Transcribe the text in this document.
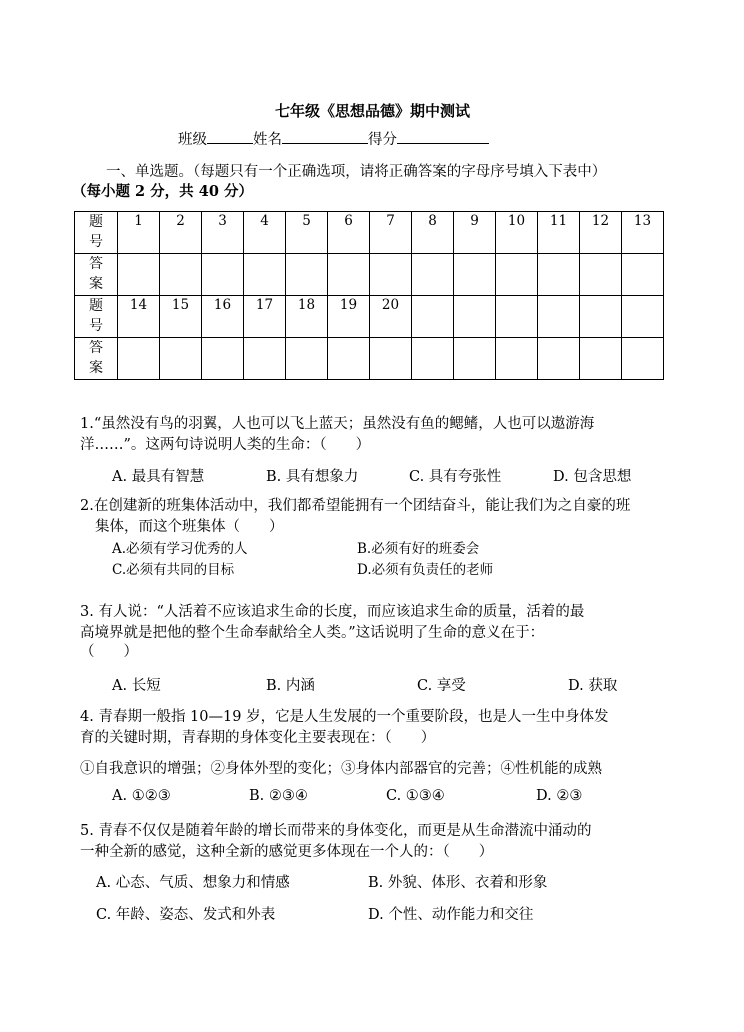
七年级《思想品德》期中测试
班级	姓名	得分
一、单选题。（每题只有一个正确选项，请将正确答案的字母序号填入下表中）
（每小题 2 分，共 40 分）
题
号	1	2	3	4	5	6	7	8	9	10	11	12	13
答
案													
题
号	14	15	16	17	18	19	20						
答
案													
1.“虽然没有鸟的羽翼，人也可以飞上蓝天；虽然没有鱼的鳃鳍，人也可以遨游海
洋……”。这两句诗说明人类的生命：（　　）
A. 最具有智慧	B. 具有想象力	C. 具有夸张性	D. 包含思想
2.在创建新的班集体活动中，我们都希望能拥有一个团结奋斗，能让我们为之自豪的班
集体，而这个班集体（　　）
A.必须有学习优秀的人	B.必须有好的班委会
C.必须有共同的目标	D.必须有负责任的老师
3. 有人说：“人活着不应该追求生命的长度，而应该追求生命的质量，活着的最
高境界就是把他的整个生命奉献给全人类。”这话说明了生命的意义在于：
（　　）
A. 长短	B. 内涵	C. 享受	D. 获取
4. 青春期一般指 10—19 岁，它是人生发展的一个重要阶段，也是人一生中身体发
育的关键时期，青春期的身体变化主要表现在：（　　）
①自我意识的增强；②身体外型的变化；③身体内部器官的完善；④性机能的成熟
A. ①②③	B. ②③④	C. ①③④	D. ②③
5. 青春不仅仅是随着年龄的增长而带来的身体变化，而更是从生命潜流中涌动的
一种全新的感觉，这种全新的感觉更多体现在一个人的：（　　）
A. 心态、气质、想象力和情感	B. 外貌、体形、衣着和形象
C. 年龄、姿态、发式和外表	D. 个性、动作能力和交往
